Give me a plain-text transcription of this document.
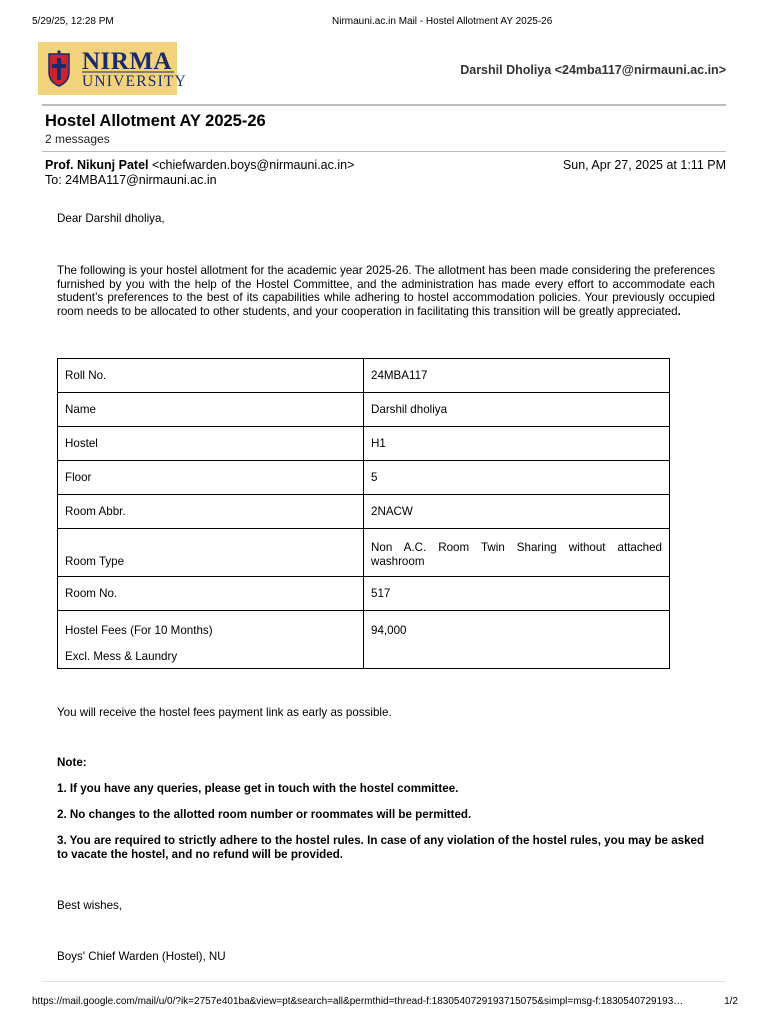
5/29/25, 12:28 PM	Nirmauni.ac.in Mail - Hostel Allotment AY 2025-26
NIRMA
UNIVERSITY
Darshil Dholiya <24mba117@nirmauni.ac.in>
Hostel Allotment AY 2025-26
2 messages
Prof. Nikunj Patel <chiefwarden.boys@nirmauni.ac.in>
To: 24MBA117@nirmauni.ac.in
Sun, Apr 27, 2025 at 1:11 PM
Dear Darshil dholiya,
The following is your hostel allotment for the academic year 2025-26. The allotment has been made considering the preferences furnished by you with the help of the Hostel Committee, and the administration has made every effort to accommodate each student’s preferences to the best of its capabilities while adhering to hostel accommodation policies. Your previously occupied room needs to be allocated to other students, and your cooperation in facilitating this transition will be greatly appreciated.
Roll No.	24MBA117
Name	Darshil dholiya
Hostel	H1
Floor	5
Room Abbr.	2NACW
Room Type	Non A.C. Room Twin Sharing without attached washroom
Room No.	517

Hostel Fees (For 10 Months)
Excl. Mess & Laundry	94,000
You will receive the hostel fees payment link as early as possible.
Note:
1. If you have any queries, please get in touch with the hostel committee.
2. No changes to the allotted room number or roommates will be permitted.
3. You are required to strictly adhere to the hostel rules. In case of any violation of the hostel rules, you may be asked to vacate the hostel, and no refund will be provided.
Best wishes,
Boys' Chief Warden (Hostel), NU
https://mail.google.com/mail/u/0/?ik=2757e401ba&view=pt&search=all&permthid=thread-f:1830540729193715075&simpl=msg-f:1830540729193…	1/2
